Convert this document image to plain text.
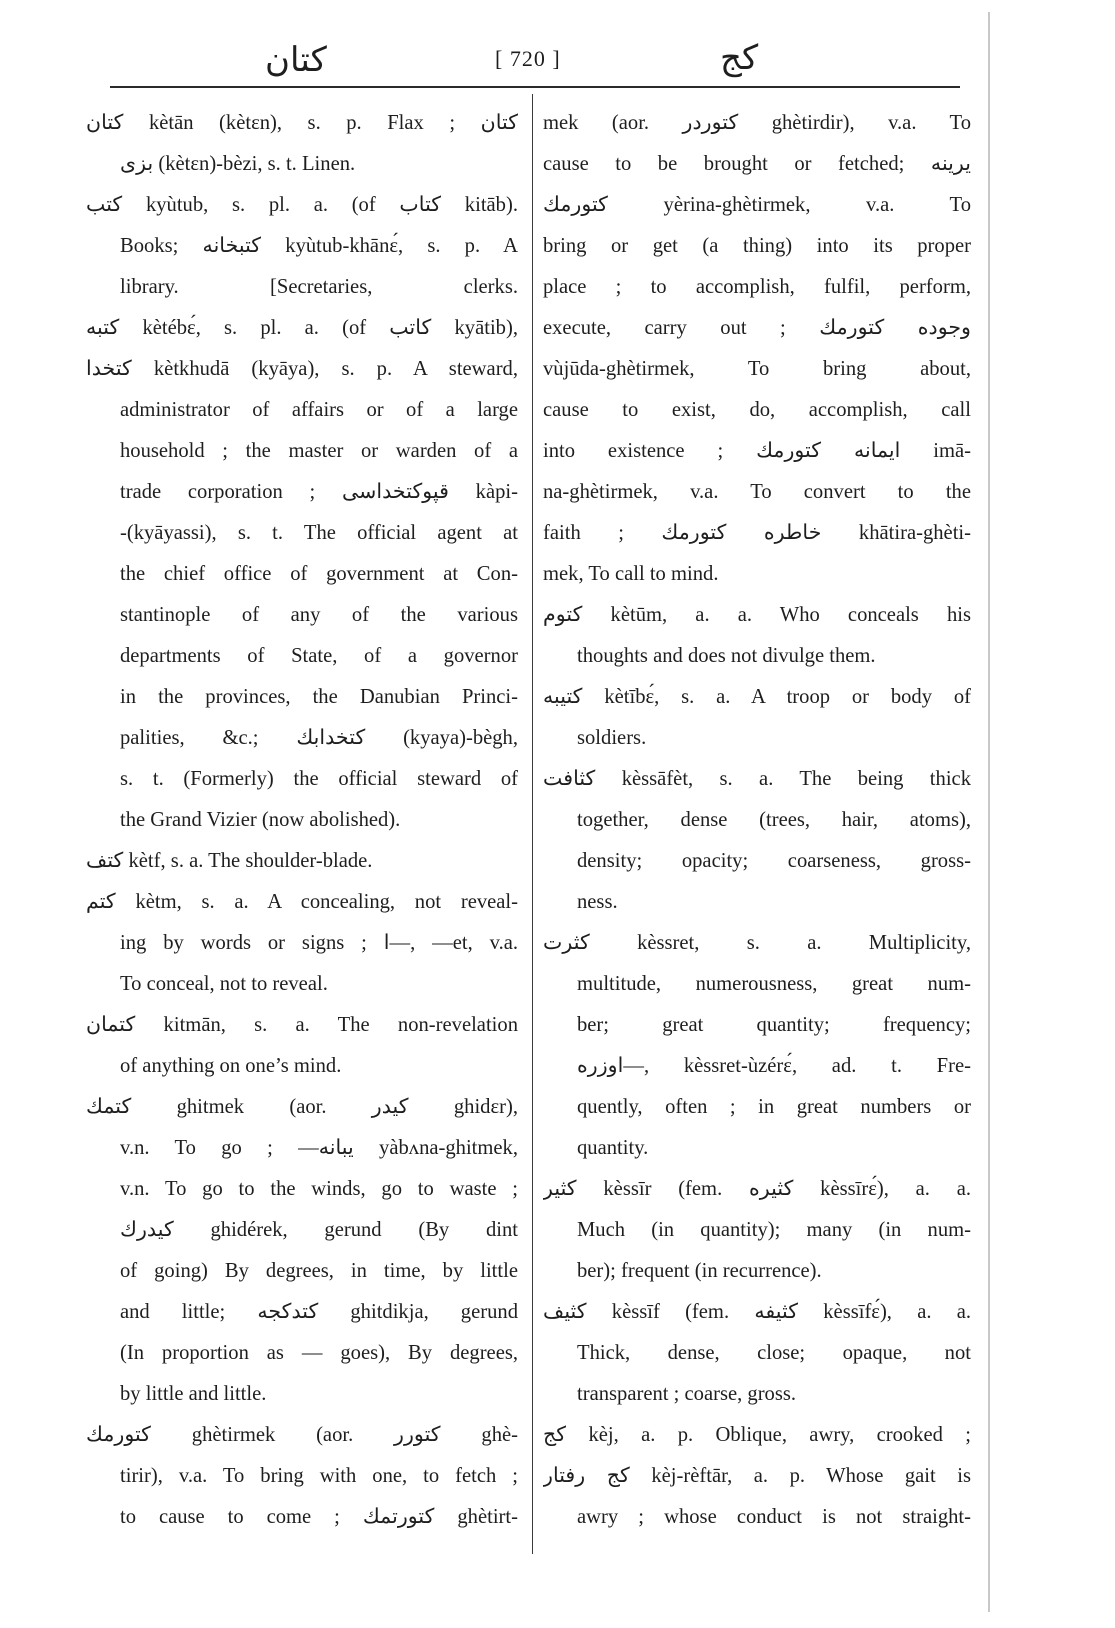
كتان	[ 720 ]	كج
كتان kètān (kètɛn), s. p. Flax ; كتان
بزى (kètɛn)-bèzi, s. t. Linen.
كتب kyùtub, s. pl. a. (of كتاب kitāb).
Books; كتبخانه kyùtub-khānɛ́, s. p. A
library. [Secretaries, clerks.
كتبه kètébɛ́, s. pl. a. (of كاتب kyātib),
كتخدا kètkhudā (kyāya), s. p. A steward,
administrator of affairs or of a large
household ; the master or warden of a
trade corporation ; قپوكتخداسى kàpi-
-(kyāyassi), s. t. The official agent at
the chief office of government at Con-
stantinople of any of the various
departments of State, of a governor
in the provinces, the Danubian Princi-
palities, &c.; كتخدابك (kyaya)-bègh,
s. t. (Formerly) the official steward of
the Grand Vizier (now abolished).
كتف kètf, s. a. The shoulder-blade.
كتم kètm, s. a. A concealing, not reveal-
ing by words or signs ; ا—, —et, v.a.
To conceal, not to reveal.
كتمان kitmān, s. a. The non-revelation
of anything on one’s mind.
كتمك ghitmek (aor. كيدر ghidɛr),
v.n. To go ; —يبانه yàbʌna-ghitmek,
v.n. To go to the winds, go to waste ;
كيدرك ghidérek, gerund (By dint
of going) By degrees, in time, by little
and little; كتدكجه ghitdikja, gerund
(In proportion as — goes), By degrees,
by little and little.
كتورمك ghètirmek (aor. كتورر ghè-
tirir), v.a. To bring with one, to fetch ;
to cause to come ; كتورتمك ghètirt-
mek (aor. كتوردر ghètirdir), v.a. To
cause to be brought or fetched; يرينه
كتورمك yèrina-ghètirmek, v.a. To
bring or get (a thing) into its proper
place ; to accomplish, fulfil, perform,
execute, carry out ; وجوده كتورمك
vùjūda-ghètirmek, To bring about,
cause to exist, do, accomplish, call
into existence ; ايمانه كتورمك imā-
na-ghètirmek, v.a. To convert to the
faith ; خاطره كتورمك khātira-ghèti-
mek, To call to mind.
كتوم kètūm, a. a. Who conceals his
thoughts and does not divulge them.
كتيبه kètībɛ́, s. a. A troop or body of
soldiers.
كثافت kèssāfèt, s. a. The being thick
together, dense (trees, hair, atoms),
density; opacity; coarseness, gross-
ness.
كثرت kèssret, s. a. Multiplicity,
multitude, numerousness, great num-
ber; great quantity; frequency;
اوزره—, kèssret-ùzérɛ́, ad. t. Fre-
quently, often ; in great numbers or
quantity.
كثير kèssīr (fem. كثيره kèssīrɛ́), a. a.
Much (in quantity); many (in num-
ber); frequent (in recurrence).
كثيف kèssīf (fem. كثيفه kèssīfɛ́), a. a.
Thick, dense, close; opaque, not
transparent ; coarse, gross.
كج kèj, a. p. Oblique, awry, crooked ;
كج رفتار kèj-rèftār, a. p. Whose gait is
awry ; whose conduct is not straight-
